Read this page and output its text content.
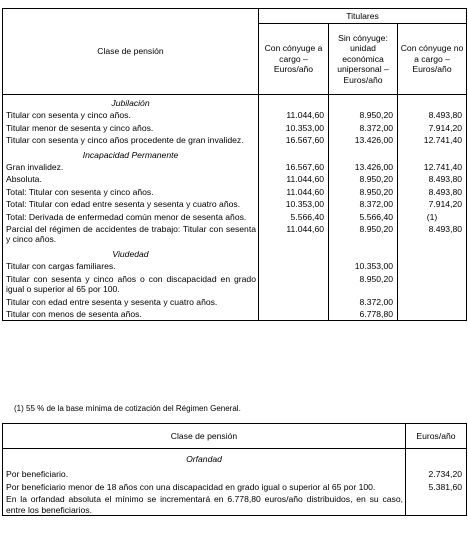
Clase de pensión	Titulares		
	Con cónyuge a cargo – Euros/año	Sin cónyuge: unidad económica unipersonal – Euros/año	Con cónyuge no a cargo – Euros/año
Jubilación			
Titular con sesenta y cinco años.	11.044,60	8.950,20	8.493,80
Titular menor de sesenta y cinco años.	10.353,00	8.372,00	7.914,20
Titular con sesenta y cinco años procedente de gran invalidez.	16.567,60	13.426,00	12.741,40
Incapacidad Permanente			
Gran invalidez.	16.567,60	13.426,00	12.741,40
Absoluta.	11.044,60	8.950,20	8.493,80
Total: Titular con sesenta y cinco años.	11.044,60	8.950,20	8.493,80
Total: Titular con edad entre sesenta y sesenta y cuatro años.	10.353,00	8.372,00	7.914,20
Total: Derivada de enfermedad común menor de sesenta años.	5.566,40	5.566,40	(1)
Parcial del régimen de accidentes de trabajo: Titular con sesenta y cinco años.	11.044,60	8.950,20	8.493,80
Viudedad			
Titular con cargas familiares.		10.353,00	
Titular con sesenta y cinco años o con discapacidad en grado igual o superior al 65 por 100.		8.950,20	
Titular con edad entre sesenta y sesenta y cuatro años.		8.372,00	
Titular con menos de sesenta años.		6.778,80	
(1) 55 % de la base mínima de cotización del Régimen General.
Clase de pensión	Euros/año
Orfandad	
Por beneficiario.	2.734,20
Por beneficiario menor de 18 años con una discapacidad en grado igual o superior al 65 por 100.	5.381,60
En la orfandad absoluta el mínimo se incrementará en 6.778,80 euros/año distribuidos, en su caso, entre los beneficiarios.	
